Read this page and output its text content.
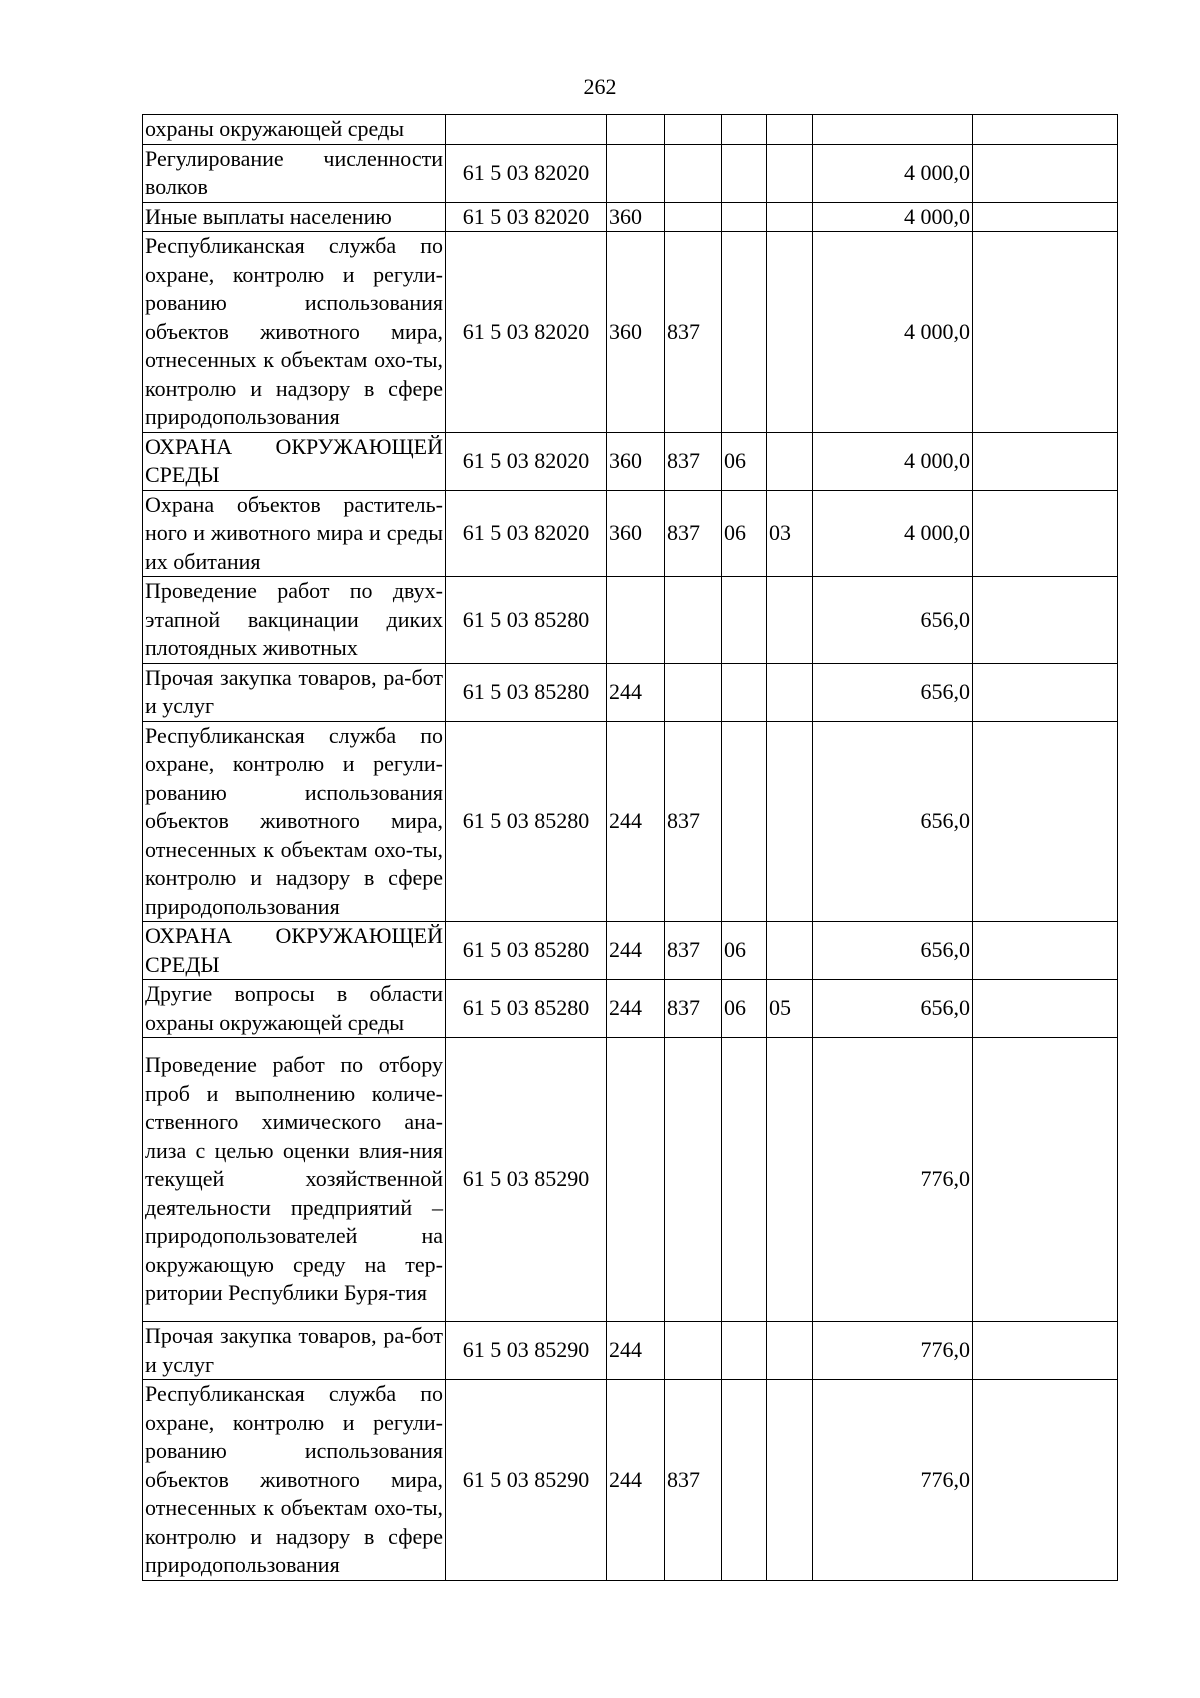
262
охраны окружающей среды							
Регулирование численности волков	61 5 03 82020					4 000,0	
Иные выплаты населению	61 5 03 82020	360				4 000,0	
Республиканская служба по охране, контролю и регули-рованию использования объектов животного мира, отнесенных к объектам охо-ты, контролю и надзору в сфере природопользования	61 5 03 82020	360	837			4 000,0	
ОХРАНА ОКРУЖАЮЩЕЙ СРЕДЫ	61 5 03 82020	360	837	06		4 000,0	
Охрана объектов раститель-ного и животного мира и среды их обитания	61 5 03 82020	360	837	06	03	4 000,0	
Проведение работ по двух-этапной вакцинации диких плотоядных животных	61 5 03 85280					656,0	
Прочая закупка товаров, ра-бот и услуг	61 5 03 85280	244				656,0	
Республиканская служба по охране, контролю и регули-рованию использования объектов животного мира, отнесенных к объектам охо-ты, контролю и надзору в сфере природопользования	61 5 03 85280	244	837			656,0	
ОХРАНА ОКРУЖАЮЩЕЙ СРЕДЫ	61 5 03 85280	244	837	06		656,0	
Другие вопросы в области охраны окружающей среды	61 5 03 85280	244	837	06	05	656,0	
Проведение работ по отбору проб и выполнению количе-ственного химического ана-лиза с целью оценки влия-ния текущей хозяйственной деятельности предприятий – природопользователей на окружающую среду на тер-ритории Республики Буря-тия	61 5 03 85290					776,0	
Прочая закупка товаров, ра-бот и услуг	61 5 03 85290	244				776,0	
Республиканская служба по охране, контролю и регули-рованию использования объектов животного мира, отнесенных к объектам охо-ты, контролю и надзору в сфере природопользования	61 5 03 85290	244	837			776,0	
